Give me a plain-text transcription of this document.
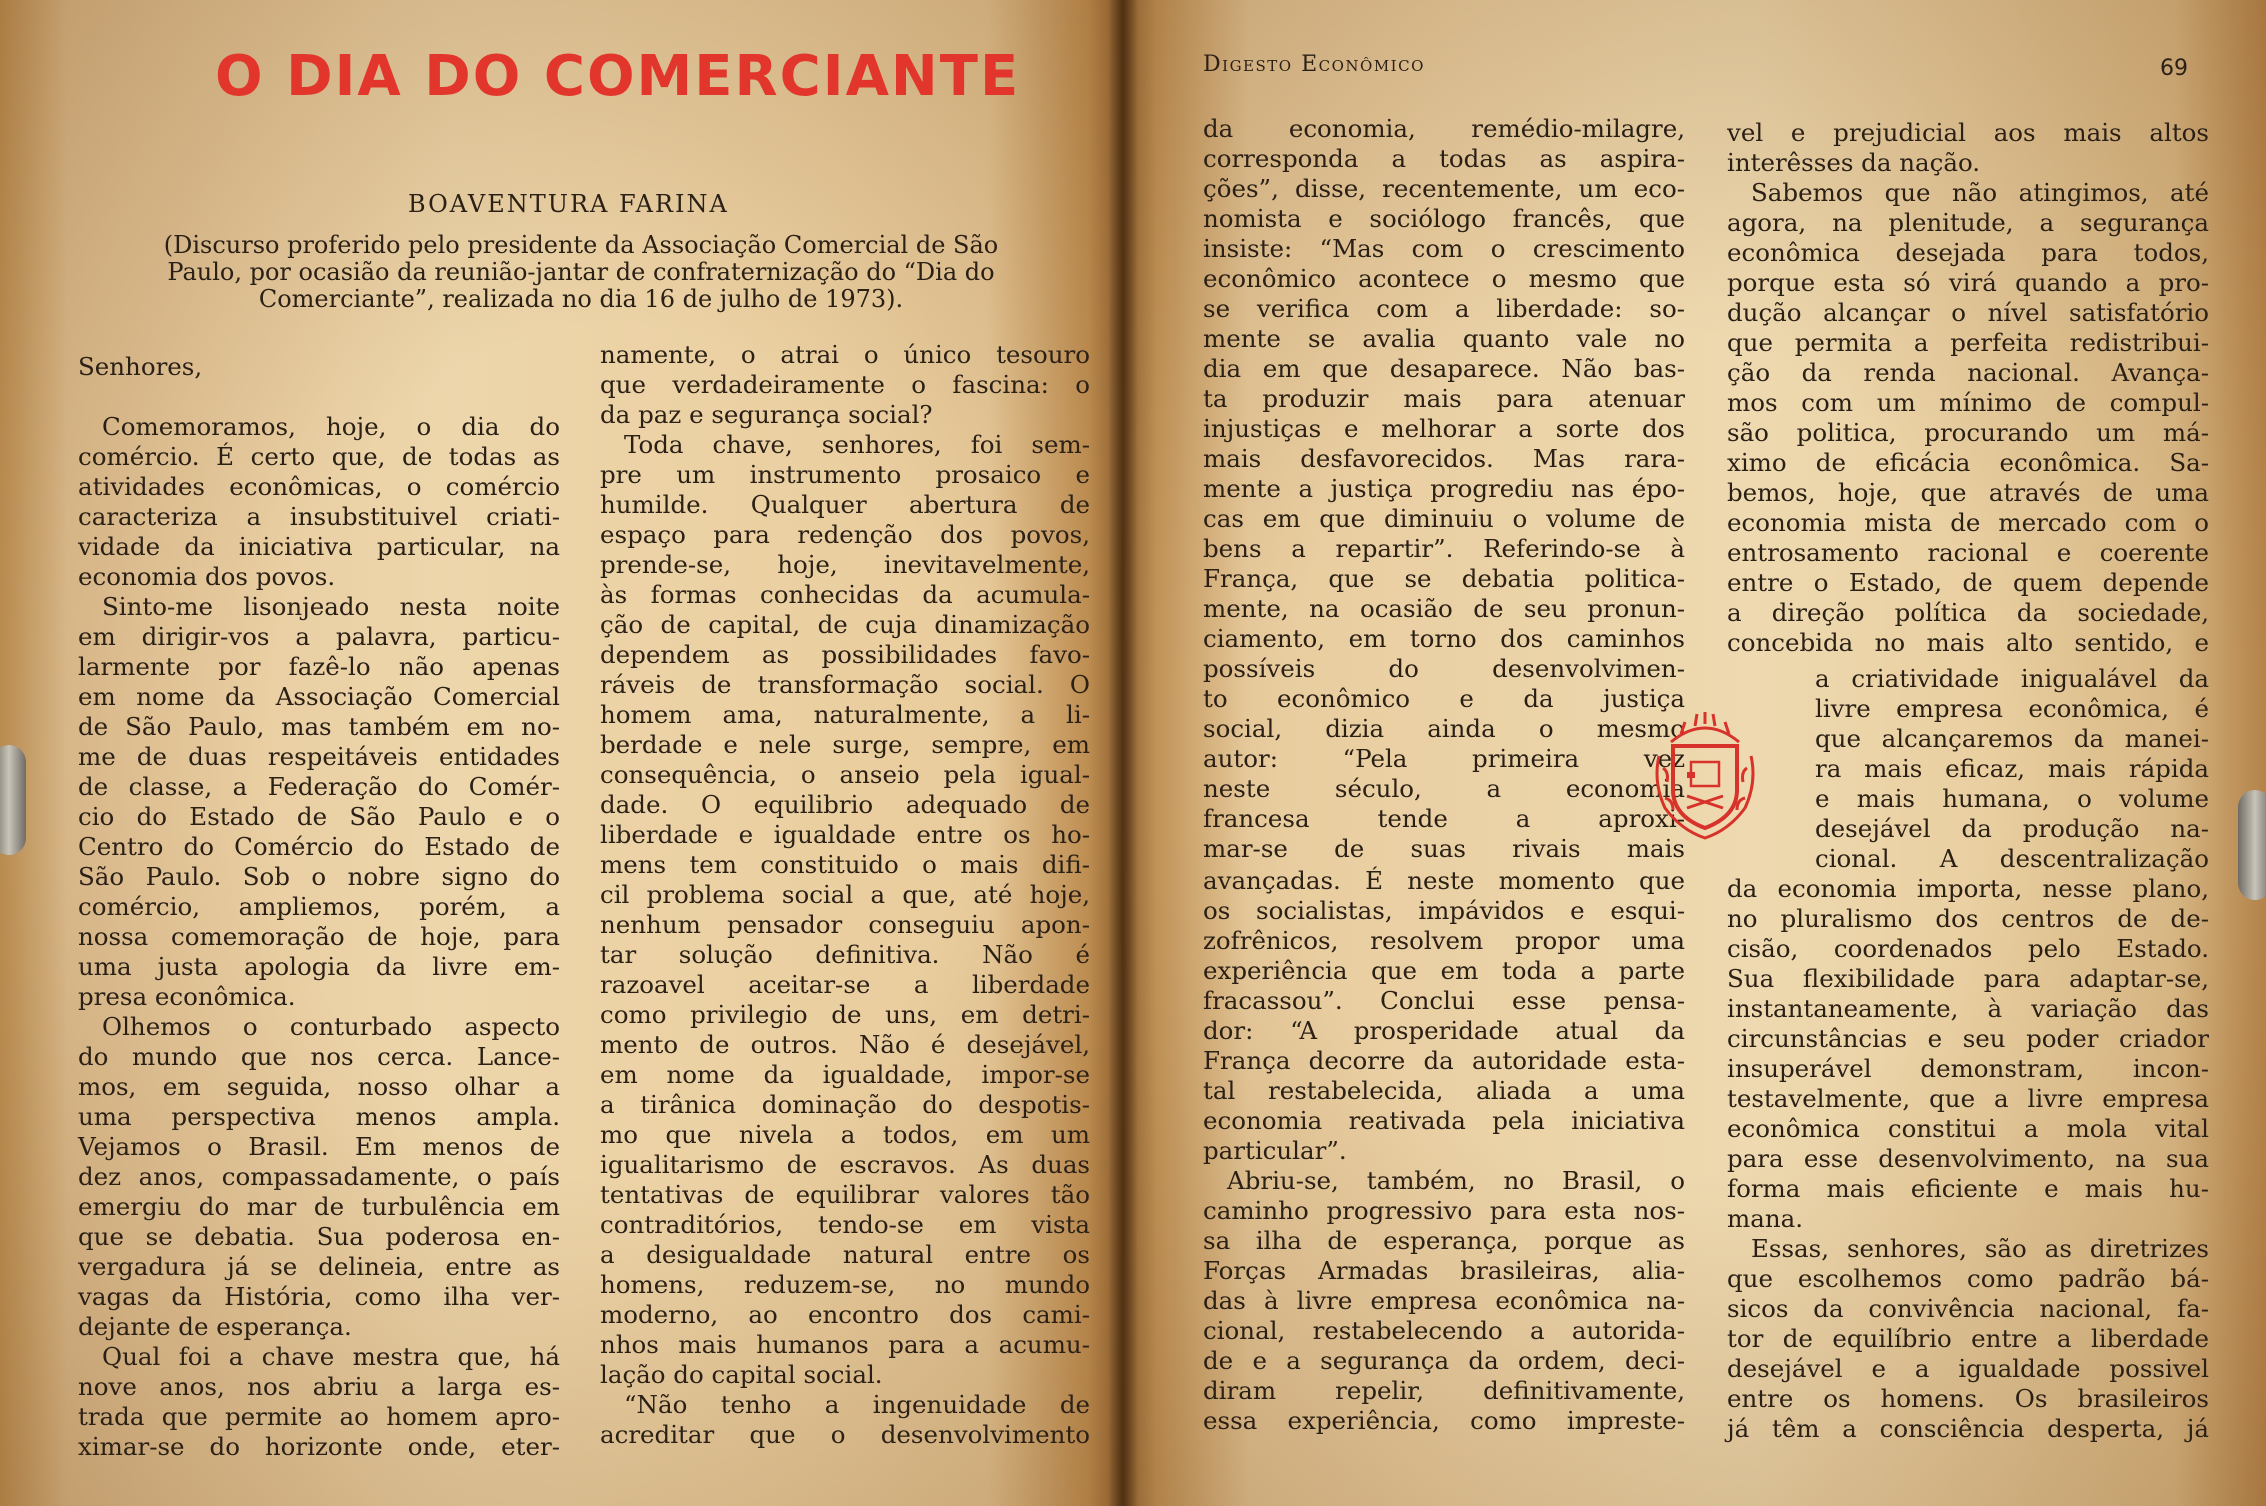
O DIA DO COMERCIANTE
BOAVENTURA FARINA

(Discurso proferido pelo presidente da Associação Comercial de São
Paulo, por ocasião da reunião-jantar de confraternização do “Dia do
Comerciante”, realizada no dia 16 de julho de 1973).

Senhores,

Comemoramos, hoje, o dia do

comércio. É certo que, de todas as

atividades econômicas, o comércio

caracteriza a insubstituivel criati-

vidade da iniciativa particular, na

economia dos povos.

Sinto-me lisonjeado nesta noite

em dirigir-vos a palavra, particu-

larmente por fazê-lo não apenas

em nome da Associação Comercial

de São Paulo, mas também em no-

me de duas respeitáveis entidades

de classe, a Federação do Comér-

cio do Estado de São Paulo e o

Centro do Comércio do Estado de

São Paulo. Sob o nobre signo do

comércio, ampliemos, porém, a

nossa comemoração de hoje, para

uma justa apologia da livre em-

presa econômica.

Olhemos o conturbado aspecto

do mundo que nos cerca. Lance-

mos, em seguida, nosso olhar a

uma perspectiva menos ampla.

Vejamos o Brasil. Em menos de

dez anos, compassadamente, o país

emergiu do mar de turbulência em

que se debatia. Sua poderosa en-

vergadura já se delineia, entre as

vagas da História, como ilha ver-

dejante de esperança.

Qual foi a chave mestra que, há

nove anos, nos abriu a larga es-

trada que permite ao homem apro-

ximar-se do horizonte onde, eter-

namente, o atrai o único tesouro

que verdadeiramente o fascina: o

da paz e segurança social?

Toda chave, senhores, foi sem-

pre um instrumento prosaico e

humilde. Qualquer abertura de

espaço para redenção dos povos,

prende-se, hoje, inevitavelmente,

às formas conhecidas da acumula-

ção de capital, de cuja dinamização

dependem as possibilidades favo-

ráveis de transformação social. O

homem ama, naturalmente, a li-

berdade e nele surge, sempre, em

consequência, o anseio pela igual-

dade. O equilibrio adequado de

liberdade e igualdade entre os ho-

mens tem constituido o mais difi-

cil problema social a que, até hoje,

nenhum pensador conseguiu apon-

tar solução definitiva. Não é

razoavel aceitar-se a liberdade

como privilegio de uns, em detri-

mento de outros. Não é desejável,

em nome da igualdade, impor-se

a tirânica dominação do despotis-

mo que nivela a todos, em um

igualitarismo de escravos. As duas

tentativas de equilibrar valores tão

contraditórios, tendo-se em vista

a desigualdade natural entre os

homens, reduzem-se, no mundo

moderno, ao encontro dos cami-

nhos mais humanos para a acumu-

lação do capital social.

“Não tenho a ingenuidade de

acreditar que o desenvolvimento

Digesto Econômico	69

da economia, remédio-milagre,

corresponda a todas as aspira-

ções”, disse, recentemente, um eco-

nomista e sociólogo francês, que

insiste: “Mas com o crescimento

econômico acontece o mesmo que

se verifica com a liberdade: so-

mente se avalia quanto vale no

dia em que desaparece. Não bas-

ta produzir mais para atenuar

injustiças e melhorar a sorte dos

mais desfavorecidos. Mas rara-

mente a justiça progrediu nas épo-

cas em que diminuiu o volume de

bens a repartir”. Referindo-se à

França, que se debatia politica-

mente, na ocasião de seu pronun-

ciamento, em torno dos caminhos

possíveis do desenvolvimen-

to econômico e da justiça

social, dizia ainda o mesmo

autor: “Pela primeira vez

neste século, a economia

francesa tende a aproxi-

mar-se de suas rivais mais

avançadas. É neste momento que

os socialistas, impávidos e esqui-

zofrênicos, resolvem propor uma

experiência que em toda a parte

fracassou”. Conclui esse pensa-

dor: “A prosperidade atual da

França decorre da autoridade esta-

tal restabelecida, aliada a uma

economia reativada pela iniciativa

particular”.

Abriu-se, também, no Brasil, o

caminho progressivo para esta nos-

sa ilha de esperança, porque as

Forças Armadas brasileiras, alia-

das à livre empresa econômica na-

cional, restabelecendo a autorida-

de e a segurança da ordem, deci-

diram repelir, definitivamente,

essa experiência, como impreste-

vel e prejudicial aos mais altos

interêsses da nação.

Sabemos que não atingimos, até

agora, na plenitude, a segurança

econômica desejada para todos,

porque esta só virá quando a pro-

dução alcançar o nível satisfatório

que permita a perfeita redistribui-

ção da renda nacional. Avança-

mos com um mínimo de compul-

são politica, procurando um má-

ximo de eficácia econômica. Sa-

bemos, hoje, que através de uma

economia mista de mercado com o

entrosamento racional e coerente

entre o Estado, de quem depende

a direção política da sociedade,

concebida no mais alto sentido, e

a criatividade inigualável da

livre empresa econômica, é

que alcançaremos da manei-

ra mais eficaz, mais rápida

e mais humana, o volume

desejável da produção na-

cional. A descentralização

da economia importa, nesse plano,

no pluralismo dos centros de de-

cisão, coordenados pelo Estado.

Sua flexibilidade para adaptar-se,

instantaneamente, à variação das

circunstâncias e seu poder criador

insuperável demonstram, incon-

testavelmente, que a livre empresa

econômica constitui a mola vital

para esse desenvolvimento, na sua

forma mais eficiente e mais hu-

mana.

Essas, senhores, são as diretrizes

que escolhemos como padrão bá-

sicos da convivência nacional, fa-

tor de equilíbrio entre a liberdade

desejável e a igualdade possivel

entre os homens. Os brasileiros

já têm a consciência desperta, já
